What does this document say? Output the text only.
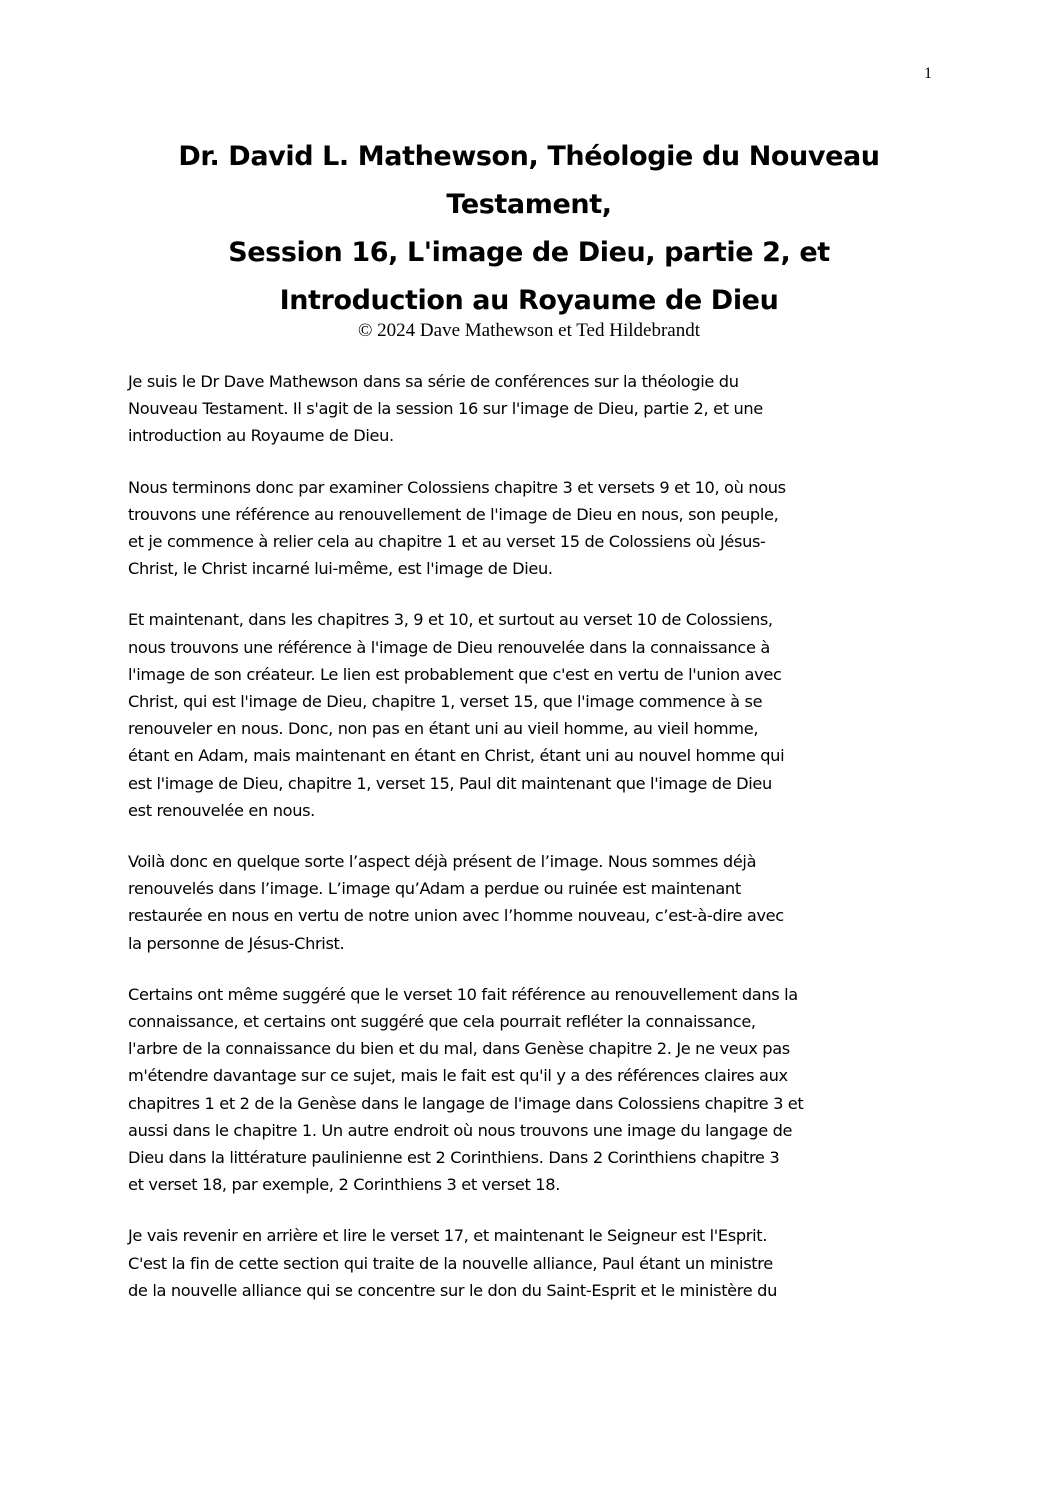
1
Dr. David L. Mathewson, Théologie du Nouveau
Testament,
Session 16, L'image de Dieu, partie 2, et
Introduction au Royaume de Dieu
© 2024 Dave Mathewson et Ted Hildebrandt
Je suis le Dr Dave Mathewson dans sa série de conférences sur la théologie du
Nouveau Testament. Il s'agit de la session 16 sur l'image de Dieu, partie 2, et une
introduction au Royaume de Dieu.
Nous terminons donc par examiner Colossiens chapitre 3 et versets 9 et 10, où nous
trouvons une référence au renouvellement de l'image de Dieu en nous, son peuple,
et je commence à relier cela au chapitre 1 et au verset 15 de Colossiens où Jésus-
Christ, le Christ incarné lui-même, est l'image de Dieu.
Et maintenant, dans les chapitres 3, 9 et 10, et surtout au verset 10 de Colossiens,
nous trouvons une référence à l'image de Dieu renouvelée dans la connaissance à
l'image de son créateur. Le lien est probablement que c'est en vertu de l'union avec
Christ, qui est l'image de Dieu, chapitre 1, verset 15, que l'image commence à se
renouveler en nous. Donc, non pas en étant uni au vieil homme, au vieil homme,
étant en Adam, mais maintenant en étant en Christ, étant uni au nouvel homme qui
est l'image de Dieu, chapitre 1, verset 15, Paul dit maintenant que l'image de Dieu
est renouvelée en nous.
Voilà donc en quelque sorte l’aspect déjà présent de l’image. Nous sommes déjà
renouvelés dans l’image. L’image qu’Adam a perdue ou ruinée est maintenant
restaurée en nous en vertu de notre union avec l’homme nouveau, c’est-à-dire avec
la personne de Jésus-Christ.
Certains ont même suggéré que le verset 10 fait référence au renouvellement dans la
connaissance, et certains ont suggéré que cela pourrait refléter la connaissance,
l'arbre de la connaissance du bien et du mal, dans Genèse chapitre 2. Je ne veux pas
m'étendre davantage sur ce sujet, mais le fait est qu'il y a des références claires aux
chapitres 1 et 2 de la Genèse dans le langage de l'image dans Colossiens chapitre 3 et
aussi dans le chapitre 1. Un autre endroit où nous trouvons une image du langage de
Dieu dans la littérature paulinienne est 2 Corinthiens. Dans 2 Corinthiens chapitre 3
et verset 18, par exemple, 2 Corinthiens 3 et verset 18.
Je vais revenir en arrière et lire le verset 17, et maintenant le Seigneur est l'Esprit.
C'est la fin de cette section qui traite de la nouvelle alliance, Paul étant un ministre
de la nouvelle alliance qui se concentre sur le don du Saint-Esprit et le ministère du
